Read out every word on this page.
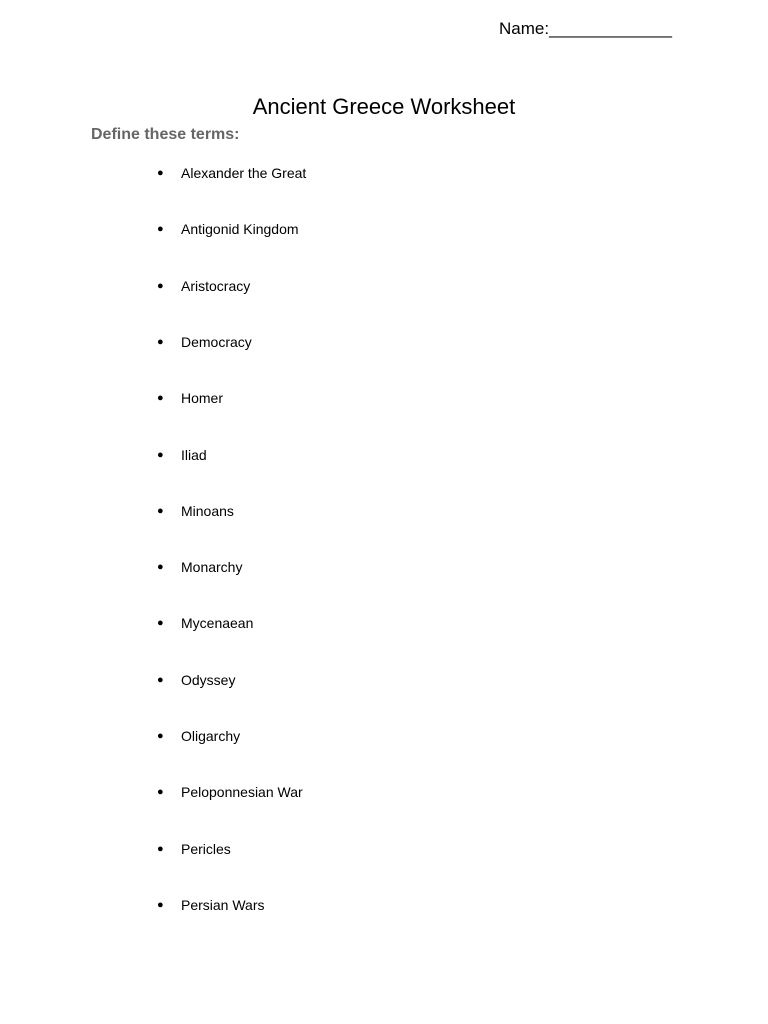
Name:_____________
Ancient Greece Worksheet
Define these terms:
● Alexander the Great
● Antigonid Kingdom
● Aristocracy
● Democracy
● Homer
● Iliad
● Minoans
● Monarchy
● Mycenaean
● Odyssey
● Oligarchy
● Peloponnesian War
● Pericles
● Persian Wars
